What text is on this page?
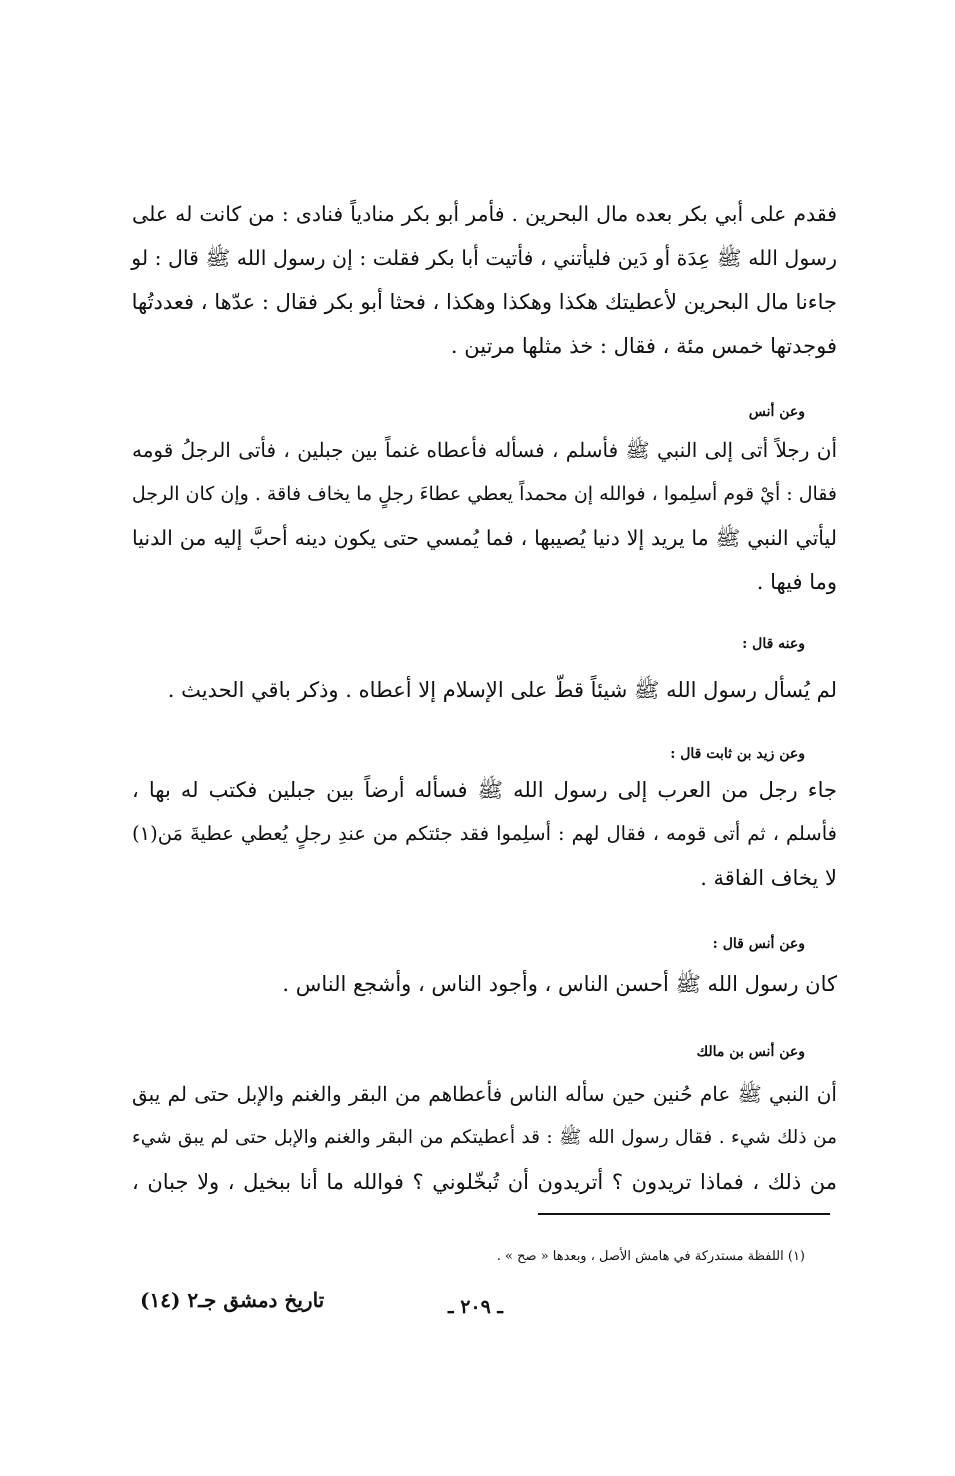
فقدم على أبي بكر بعده مال البحرين . فأمر أبو بكر منادياً فنادى : من كانت له على
رسول الله ﷺ عِدَة أو دَين فليأتني ، فأتيت أبا بكر فقلت : إن رسول الله ﷺ قال : لو
جاءنا مال البحرين لأعطيتك هكذا وهكذا وهكذا ، فحثا أبو بكر فقال : عدّها ، فعددتُها
فوجدتها خمس مئة ، فقال : خذ مثلها مرتين .
وعن أنس
أن رجلاً أتى إلى النبي ﷺ فأسلم ، فسأله فأعطاه غنماً بين جبلين ، فأتى الرجلُ قومه
فقال : أيْ قوم أسلِموا ، فوالله إن محمداً يعطي عطاءَ رجلٍ ما يخاف فاقة . وإن كان الرجل
ليأتي النبي ﷺ ما يريد إلا دنيا يُصيبها ، فما يُمسي حتى يكون دينه أحبَّ إليه من الدنيا
وما فيها .
وعنه قال :
لم يُسأل رسول الله ﷺ شيئاً قطّ على الإسلام إلا أعطاه . وذكر باقي الحديث .
وعن زيد بن ثابت قال :
جاء رجل من العرب إلى رسول الله ﷺ فسأله أرضاً بين جبلين فكتب له بها ،
فأسلم ، ثم أتى قومه ، فقال لهم : أسلِموا فقد جئتكم من عندِ رجلٍ يُعطي عطيةَ مَن(١)
لا يخاف الفاقة .
وعن أنس قال :
كان رسول الله ﷺ أحسن الناس ، وأجود الناس ، وأشجع الناس .
وعن أنس بن مالك
أن النبي ﷺ عام حُنين حين سأله الناس فأعطاهم من البقر والغنم والإبل حتى لم يبق
من ذلك شيء . فقال رسول الله ﷺ : قد أعطيتكم من البقر والغنم والإبل حتى لم يبق شيء
من ذلك ، فماذا تريدون ؟ أتريدون أن تُبخّلوني ؟ فوالله ما أنا ببخيل ، ولا جبان ،
(١) اللفظة مستدركة في هامش الأصل ، وبعدها « صح » .
تاريخ دمشق جـ٢ (١٤)	ـ ٢٠٩ ـ
